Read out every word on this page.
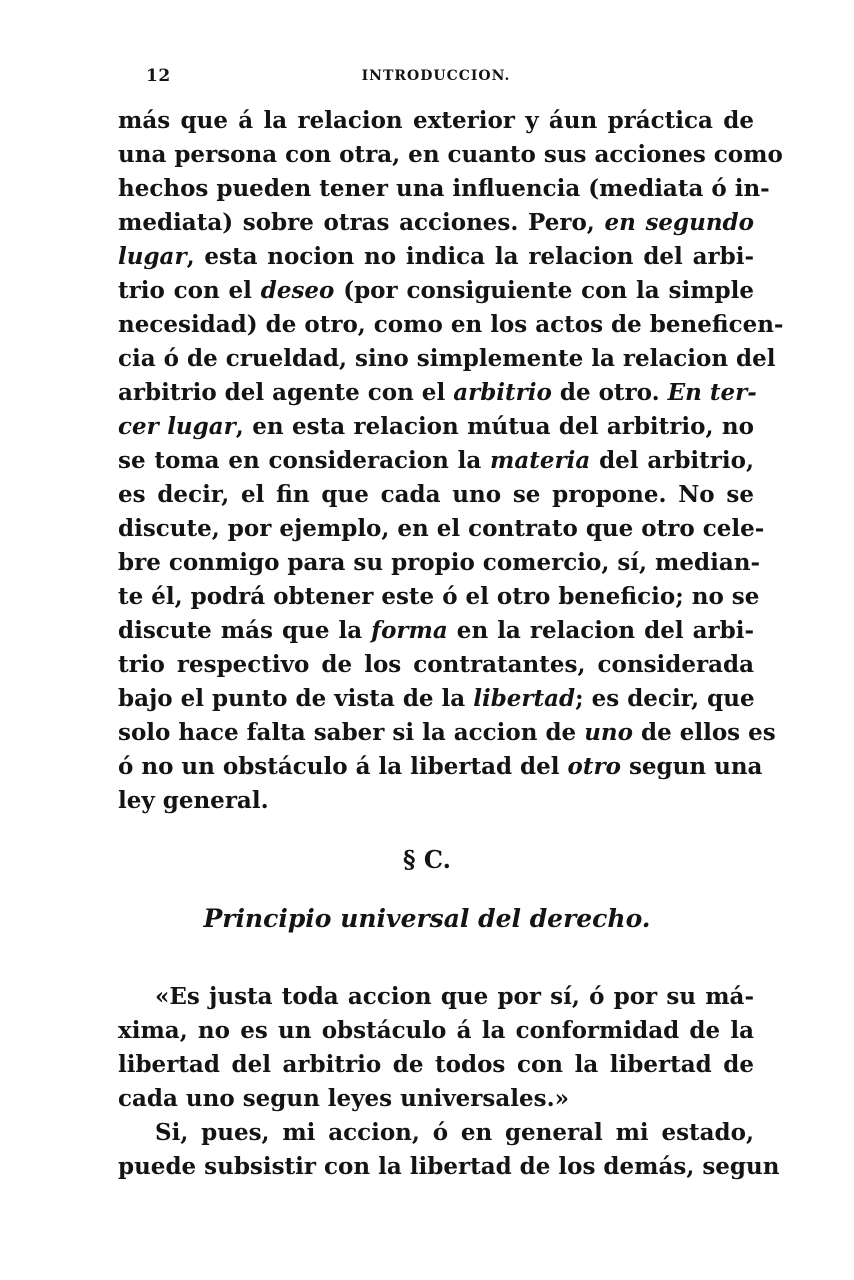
12	INTRODUCCION.
más que á la relacion exterior y áun práctica de
una persona con otra, en cuanto sus acciones como
hechos pueden tener una influencia (mediata ó in-
mediata) sobre otras acciones. Pero, en segundo
lugar, esta nocion no indica la relacion del arbi-
trio con el deseo (por consiguiente con la simple
necesidad) de otro, como en los actos de beneficen-
cia ó de crueldad, sino simplemente la relacion del
arbitrio del agente con el arbitrio de otro. En ter-
cer lugar, en esta relacion mútua del arbitrio, no
se toma en consideracion la materia del arbitrio,
es decir, el fin que cada uno se propone. No se
discute, por ejemplo, en el contrato que otro cele-
bre conmigo para su propio comercio, sí, median-
te él, podrá obtener este ó el otro beneficio; no se
discute más que la forma en la relacion del arbi-
trio respectivo de los contratantes, considerada
bajo el punto de vista de la libertad; es decir, que
solo hace falta saber si la accion de uno de ellos es
ó no un obstáculo á la libertad del otro segun una
ley general.
§ C.
Principio universal del derecho.
«Es justa toda accion que por sí, ó por su má-
xima, no es un obstáculo á la conformidad de la
libertad del arbitrio de todos con la libertad de
cada uno segun leyes universales.»
Si, pues, mi accion, ó en general mi estado,
puede subsistir con la libertad de los demás, segun
